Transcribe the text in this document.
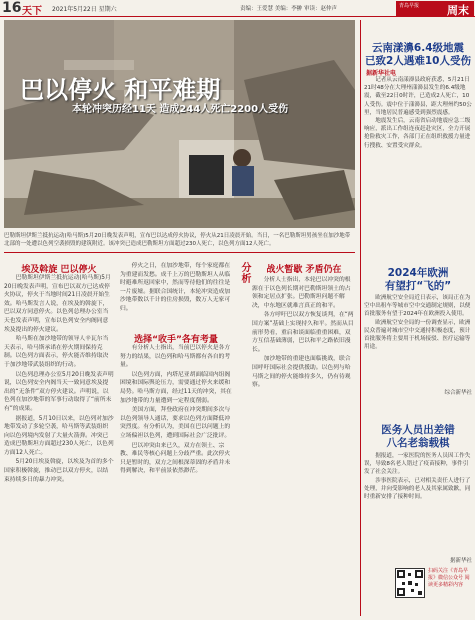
16 天下 2021年5月22日 星期六	责编：王爱慧 美编：李翀 审读：赵仲声	青岛早报	周末
巴以停火 和平难期
本轮冲突历经11天 造成244人死亡2200人受伤
巴勒斯坦伊斯兰抵抗运动(哈马斯)5月20日晚发表声明，宣布巴以达成停火协议，停火从21日凌晨开始。当日，一名巴勒斯坦男孩坐在加沙地带北部的一处遭以色列空袭损毁的建筑附近。该冲突已造成巴勒斯坦方面超过230人死亡，以色列方面12人死亡。
埃及斡旋 巴以停火

巴勒斯坦伊斯兰抵抗运动(哈马斯)5月20日晚发表声明，宣布巴以双方已达成停火协议，停火于当地时间21日凌晨开始生效。哈马斯发言人说，在埃及的斡旋下，巴以双方同意停火。以色列总理办公室当天也发表声明，宣布以色列安全内阁同意埃及提出的停火建议。

哈马斯在加沙地带的领导人辛瓦尔当天表示，哈马斯承诺在停火期间保持克制。以色列方面表示，停火能否维持取决于加沙地带武装组织的行动。

以色列总理办公室5月20日晚发表声明说，以色列安全内阁当天一致同意埃及提出的“无条件”双方停火建议。声明说，以色列在加沙地带的军事行动取得了“前所未有”的成果。

据报道，5月10日以来，以色列对加沙地带发动了多轮空袭，哈马斯等武装组织向以色列境内发射了大量火箭弹。冲突已造成巴勒斯坦方面超过230人死亡，以色列方面12人死亡。

5月20日埃及斡旋，以埃及为首的多个国家积极斡旋，推动巴以双方停火，以结束持续多日的暴力冲突。

停火之日，在加沙地带，每个家庭都在为重建而发愁。成千上万的巴勒斯坦人从临时避难所返回家中，然而等待他们的往往是一片废墟。据联合国统计，本轮冲突造成加沙地带数以千计的住房损毁，数万人无家可归。

选择“收手”各有考量

有分析人士指出，当前巴以停火是各方努力的结果，以色列和哈马斯都有各自的考量。

以色列方面，内塔尼亚胡面临国内组阁困境和国际舆论压力，需要通过停火来缓和局势。哈马斯方面，经过11天的冲突，其在加沙地带的力量遭到一定程度削弱。

美国方面，拜登政府在冲突期间多次与以色列领导人通话，要求以色列方面降低冲突烈度。有分析认为，美国在巴以问题上的立场偏袒以色列，遭到国际社会广泛批评。

巴以冲突由来已久，双方在领土、宗教、难民等核心问题上分歧严重。此次停火只是暂时的，双方之间根深蒂固的矛盾并未得到解决，和平前景依然渺茫。

分析	战火暂歇 矛盾仍在

分析人士指出，本轮巴以冲突的根源在于以色列长期对巴勒斯坦领土的占领和定居点扩张。巴勒斯坦问题不解决，中东地区就难言真正的和平。

各方呼吁巴以双方恢复谈判，在“两国方案”基础上实现持久和平。然而从目前形势看，重启和谈面临重重困难，双方互信基础薄弱，巴以和平之路依旧漫长。

加沙地带的重建也面临挑战，联合国呼吁国际社会提供援助。以色列与哈马斯之间的停火能维持多久，仍有待观察。

云南漾濞6.4级地震
已致2人遇难10人受伤
据新华社电

记者从云南漾濞县政府获悉，5月21日21时48分在大理州漾濞县发生的6.4级地震，截至22日0时许，已造成2人死亡，10人受伤。震中位于漾濞县，距大理州约50公里，当地居民普遍感受到强烈震感。

地震发生后，云南省启动地震应急二级响应，派出工作组连夜赶赴灾区，全力开展抢险救灾工作，各部门正在组织救援力量进行搜救、安置受灾群众。

2024年欧洲
有望打“飞的”

欧洲航空安全局近日表示，该局正在为空中出租车等城市空中交通制定规则，以便首批服务有望于2024年在欧洲投入使用。

欧洲航空安全局的一份调查显示，欧洲民众普遍对城市空中交通持积极态度，预计首批服务将主要用于机场接驳、医疗运输等用途。

综合新华社
医务人员出差错
八名老翁载棋

据报道，一家医院的医务人员因工作失误，导致8名老人错过了疫苗接种，事件引发了社会关注。

涉事医院表示，已对相关责任人进行了处理，并向受影响的老人及其家属致歉，同时重新安排了接种时间。

据新华社
扫码关注《青岛早报》微信公众号 阅读更多精彩内容
